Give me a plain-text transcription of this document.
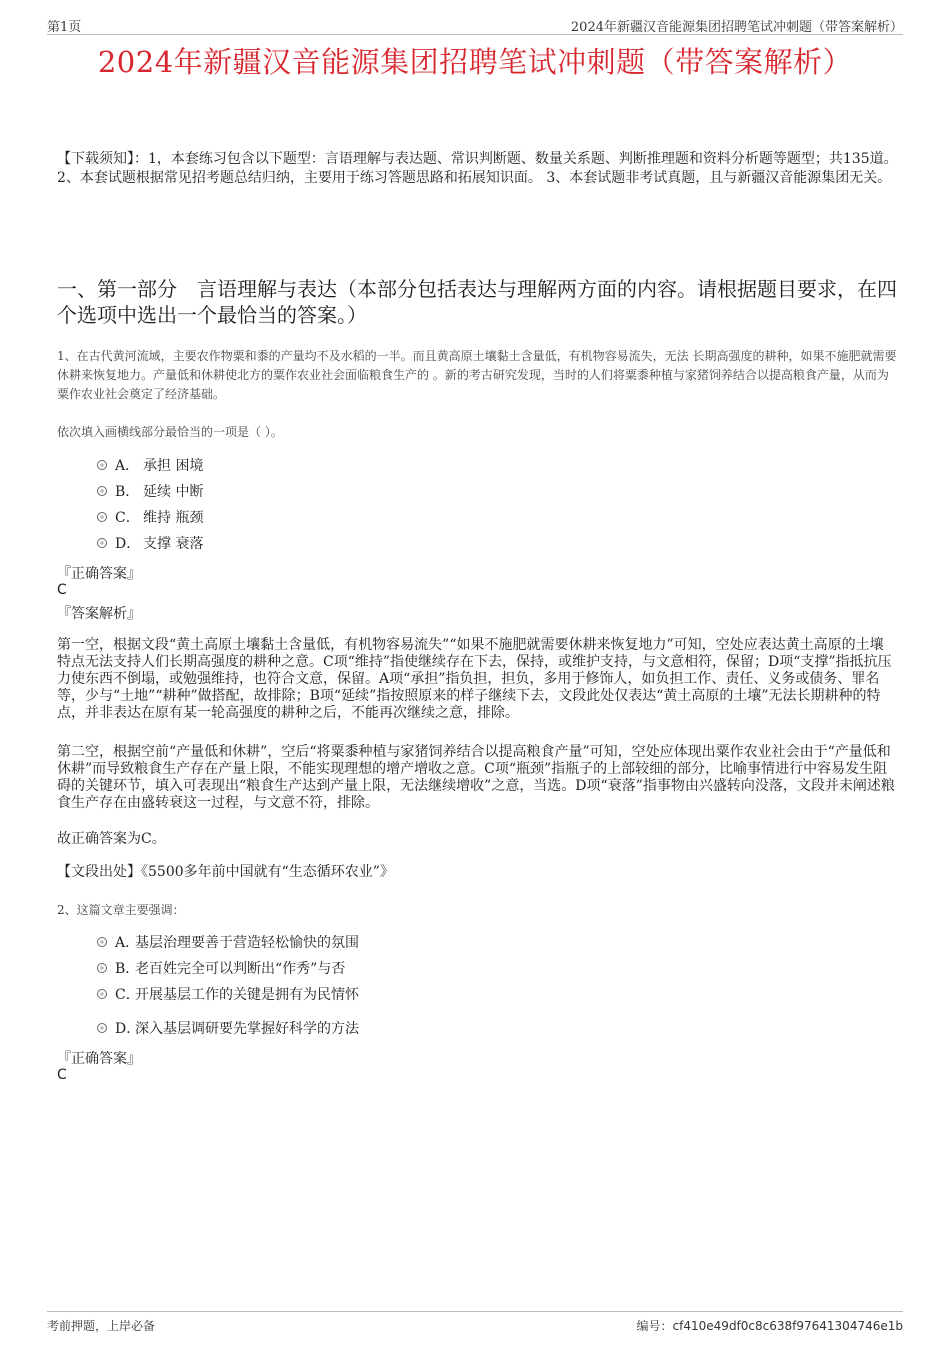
第1页	2024年新疆汉音能源集团招聘笔试冲刺题（带答案解析）
2024年新疆汉音能源集团招聘笔试冲刺题（带答案解析）
【下载须知】：1，本套练习包含以下题型：言语理解与表达题、常识判断题、数量关系题、判断推理题和资料分析题等题型；共135道。 2、本套试题根据常见招考题总结归纳，主要用于练习答题思路和拓展知识面。 3、本套试题非考试真题，且与新疆汉音能源集团无关。
一、第一部分　言语理解与表达（本部分包括表达与理解两方面的内容。请根据题目要求，在四个选项中选出一个最恰当的答案。）
1、在古代黄河流域，主要农作物粟和黍的产量均不及水稻的一半。而且黄高原土壤黏土含量低，有机物容易流失，无法 长期高强度的耕种，如果不施肥就需要休耕来恢复地力。产量低和休耕使北方的粟作农业社会面临粮食生产的 。新的考古研究发现，当时的人们将粟黍种植与家猪饲养结合以提高粮食产量，从而为粟作农业社会奠定了经济基础。
依次填入画横线部分最恰当的一项是（ ）。
A． 承担 困境
B． 延续 中断
C． 维持 瓶颈
D． 支撑 衰落
『正确答案』
C
『答案解析』
第一空，根据文段“黄土高原土壤黏土含量低，有机物容易流失”“如果不施肥就需要休耕来恢复地力”可知，空处应表达黄土高原的土壤特点无法支持人们长期高强度的耕种之意。C项“维持”指使继续存在下去，保持，或维护支持，与文意相符，保留；D项“支撑”指抵抗压力使东西不倒塌，或勉强维持，也符合文意，保留。A项“承担”指负担，担负，多用于修饰人，如负担工作、责任、义务或债务、罪名等，少与“土地”“耕种”做搭配，故排除；B项“延续”指按照原来的样子继续下去，文段此处仅表达“黄土高原的土壤”无法长期耕种的特点，并非表达在原有某一轮高强度的耕种之后，不能再次继续之意，排除。
第二空，根据空前“产量低和休耕”，空后“将粟黍种植与家猪饲养结合以提高粮食产量”可知，空处应体现出粟作农业社会由于“产量低和休耕”而导致粮食生产存在产量上限，不能实现理想的增产增收之意。C项“瓶颈”指瓶子的上部较细的部分，比喻事情进行中容易发生阻碍的关键环节，填入可表现出“粮食生产达到产量上限，无法继续增收”之意，当选。D项“衰落”指事物由兴盛转向没落，文段并未阐述粮食生产存在由盛转衰这一过程，与文意不符，排除。
故正确答案为C。
【文段出处】《5500多年前中国就有“生态循环农业”》
2、这篇文章主要强调：
A．基层治理要善于营造轻松愉快的氛围
B．老百姓完全可以判断出“作秀”与否
C．开展基层工作的关键是拥有为民情怀
D．深入基层调研要先掌握好科学的方法
『正确答案』
C
考前押题，上岸必备	编号：cf410e49df0c8c638f97641304746e1b
